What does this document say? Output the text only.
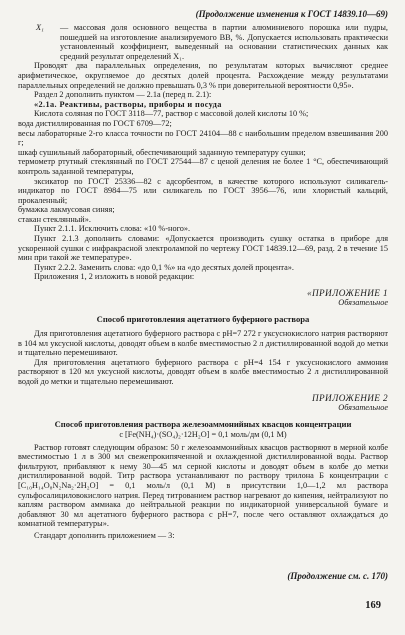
(Продолжение изменения к ГОСТ 14839.10—69)

X₁	— массовая доля основного вещества в партии алюминиевого порошка или пудры, пошедшей на изготовление анализируемого ВВ, %. Допускается использовать практически установленный коэффициент, выведенный на основании статистических данных как средний результат определений X₁.

Проводят два параллельных определения, по результатам которых вычисляют среднее арифметическое, округляемое до десятых долей процента. Расхождение между результатами параллельных определений не должно превышать 0,3 % при доверительной вероятности 0,95».

Раздел 2 дополнить пунктом — 2.1а (перед п. 2.1):

«2.1а. Реактивы, растворы, приборы и посуда

Кислота соляная по ГОСТ 3118—77, раствор с массовой долей кислоты 10 %;

вода дистиллированная по ГОСТ 6709—72;

весы лабораторные 2-го класса точности по ГОСТ 24104—88 с наибольшим пределом взвешивания 200 г;

шкаф сушильный лабораторный, обеспечивающий заданную температуру сушки;

термометр ртутный стеклянный по ГОСТ 27544—87 с ценой деления не более 1 °С, обеспечивающий контроль заданной температуры,

эксикатор по ГОСТ 25336—82 с адсорбентом, в качестве которого используют силикагель-индикатор по ГОСТ 8984—75 или силикагель по ГОСТ 3956—76, или хлористый кальций, прокаленный;

бумажка лакмусовая синяя;

стакан стеклянный».

Пункт 2.1.1. Исключить слова: «10 %-ного».

Пункт 2.1.3 дополнить словами: «Допускается производить сушку остатка в приборе для ускоренной сушки с инфракрасной электролампой по чертежу ГОСТ 14839.12—69, разд. 2 в течение 15 мин при такой же температуре».

Пункт 2.2.2. Заменить слова: «до 0,1 %» на «до десятых долей процента».

Приложения 1, 2 изложить в новой редакции:

«ПРИЛОЖЕНИЕ 1

Обязательное

Способ приготовления ацетатного буферного раствора

Для приготовления ацетатного буферного раствора с pH=7 272 г уксуснокислого натрия растворяют в 104 мл уксусной кислоты, доводят объем в колбе вместимостью 2 л дистиллированной водой до метки и тщательно перемешивают.

Для приготовления ацетатного буферного раствора с pH=4 154 г уксуснокислого аммония растворяют в 120 мл уксусной кислоты, доводят объем в колбе вместимостью 2 л дистиллированной водой до метки и тщательно перемешивают.

ПРИЛОЖЕНИЕ 2

Обязательное

Способ приготовления раствора железоаммонийных квасцов концентрации

c [Fe(NH₄)·(SO₄)₂·12H₂O] = 0,1 моль/дм (0,1 М)

Раствор готовят следующим образом: 50 г железоаммонийных квасцов растворяют в мерной колбе вместимостью 1 л в 300 мл свежепрокипяченной и охлажденной дистиллированной воды. Раствор фильтруют, прибавляют к нему 30—45 мл серной кислоты и доводят объем в колбе до метки дистиллированной водой. Титр раствора устанавливают по раствору трилона Б концентрации c [C₁₀H₁₄O₈N₂Na₂·2H₂O] = 0,1 моль/л (0,1 М) в присутствии 1,0—1,2 мл раствора сульфосалициловокислого натрия. Перед титрованием раствор нагревают до кипения, нейтрализуют по каплям раствором аммиака до нейтральной реакции по индикаторной универсальной бумаге и добавляют 30 мл ацетатного буферного раствора с pH=7, после чего оставляют охлаждаться до комнатной температуры».

Стандарт дополнить приложением — 3:

(Продолжение см. с. 170)
169
